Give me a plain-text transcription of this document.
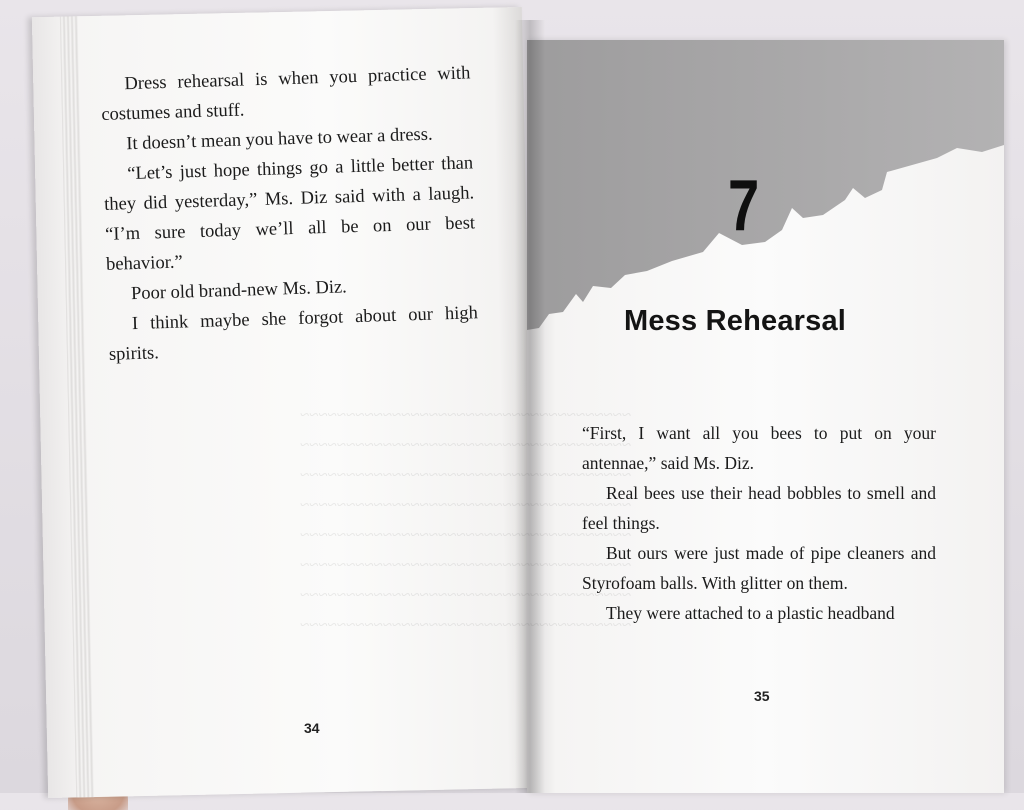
Dress rehearsal is when you practice with costumes and stuff.

It doesn’t mean you have to wear a dress.

“Let’s just hope things go a little better than they did yesterday,” Ms. Diz said with a laugh. “I’m sure today we’ll all be on our best behavior.”

Poor old brand-new Ms. Diz.

I think maybe she forgot about our high spirits.

34
7
Mess Rehearsal

“First, I want all you bees to put on your antennae,” said Ms. Diz.

Real bees use their head bobbles to smell and feel things.

But ours were just made of pipe cleaners and Styrofoam balls. With glitter on them.

They were attached to a plastic headband

35
